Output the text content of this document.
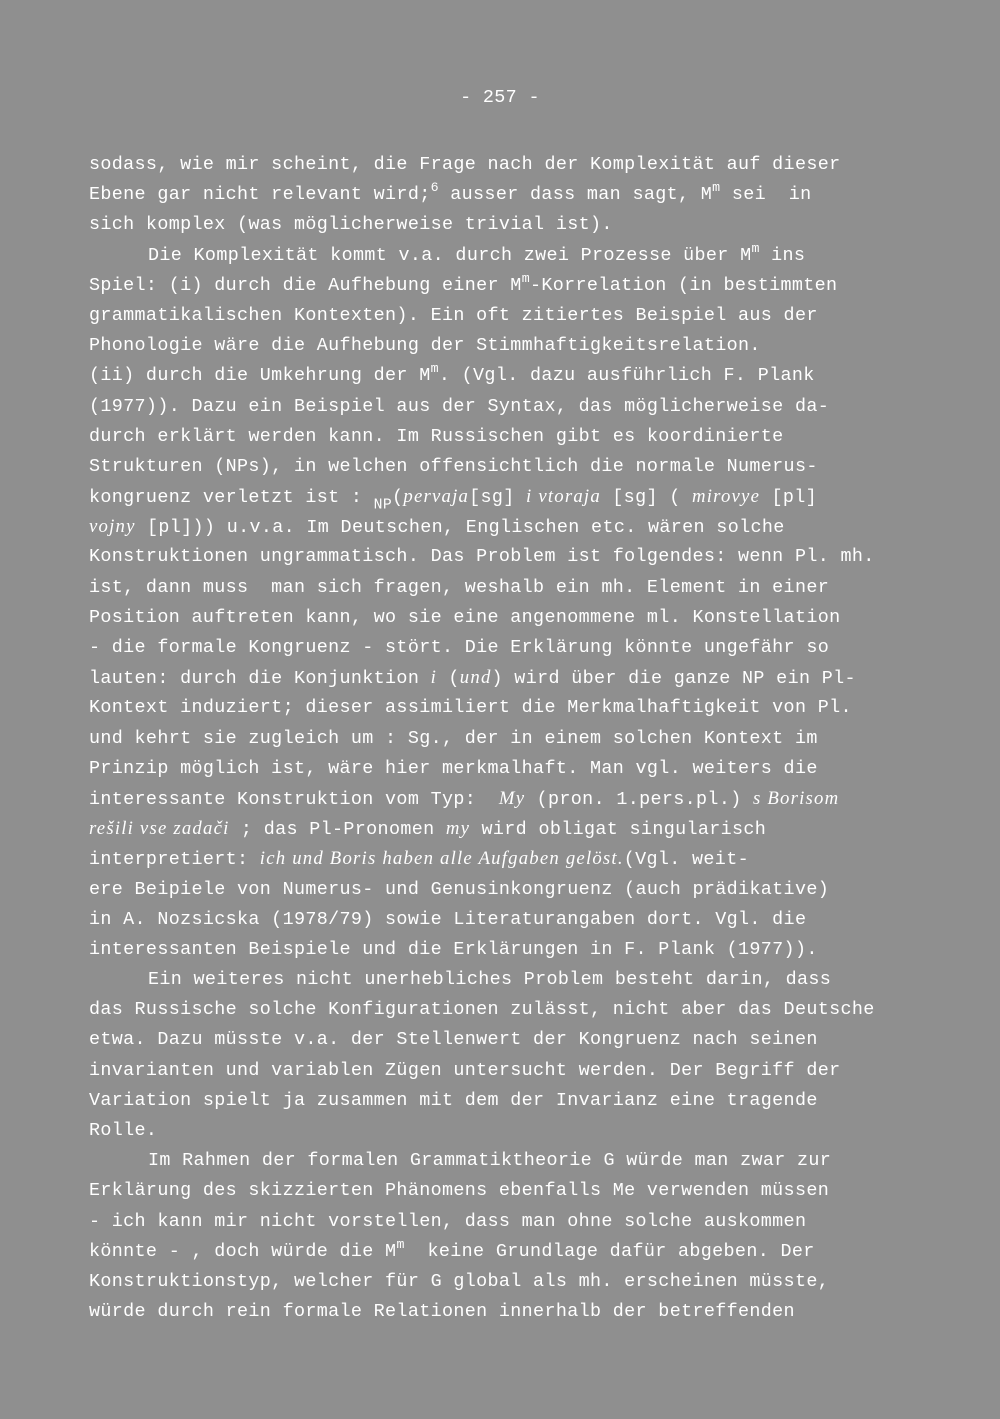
- 257 -
sodass, wie mir scheint, die Frage nach der Komplexität auf dieser
Ebene gar nicht relevant wird;$^6$ ausser dass man sagt, $M^m$ sei  in
sich komplex (was möglicherweise trivial ist).
Die Komplexität kommt v.a. durch zwei Prozesse über $M^m$ ins
Spiel: (i) durch die Aufhebung einer $M^m$-Korrelation (in bestimmten
grammatikalischen Kontexten). Ein oft zitiertes Beispiel aus der
Phonologie wäre die Aufhebung der Stimmhaftigkeitsrelation.
(ii) durch die Umkehrung der $M^m$. (Vgl. dazu ausführlich F. Plank
(1977)). Dazu ein Beispiel aus der Syntax, das möglicherweise da-
durch erklärt werden kann. Im Russischen gibt es koordinierte
Strukturen (NPs), in welchen offensichtlich die normale Numerus-
kongruenz verletzt ist : $_{NP}$(pervaja[sg] i vtoraja [sg] ( mirovye [pl]
vojny [pl])) u.v.a. Im Deutschen, Englischen etc. wären solche
Konstruktionen ungrammatisch. Das Problem ist folgendes: wenn Pl. mh.
ist, dann muss  man sich fragen, weshalb ein mh. Element in einer
Position auftreten kann, wo sie eine angenommene ml. Konstellation
- die formale Kongruenz - stört. Die Erklärung könnte ungefähr so
lauten: durch die Konjunktion i (und) wird über die ganze NP ein Pl-
Kontext induziert; dieser assimiliert die Merkmalhaftigkeit von Pl.
und kehrt sie zugleich um : Sg., der in einem solchen Kontext im
Prinzip möglich ist, wäre hier merkmalhaft. Man vgl. weiters die
interessante Konstruktion vom Typ:  My (pron. 1.pers.pl.) s Borisom
rešili vse zadači ; das Pl-Pronomen my wird obligat singularisch
interpretiert: ich und Boris haben alle Aufgaben gelöst.(Vgl. weit-
ere Beipiele von Numerus- und Genusinkongruenz (auch prädikative)
in A. Nozsicska (1978/79) sowie Literaturangaben dort. Vgl. die
interessanten Beispiele und die Erklärungen in F. Plank (1977)).
Ein weiteres nicht unerhebliches Problem besteht darin, dass
das Russische solche Konfigurationen zulässt, nicht aber das Deutsche
etwa. Dazu müsste v.a. der Stellenwert der Kongruenz nach seinen
invarianten und variablen Zügen untersucht werden. Der Begriff der
Variation spielt ja zusammen mit dem der Invarianz eine tragende
Rolle.
Im Rahmen der formalen Grammatiktheorie G würde man zwar zur
Erklärung des skizzierten Phänomens ebenfalls Me verwenden müssen
- ich kann mir nicht vorstellen, dass man ohne solche auskommen
könnte - , doch würde die $M^m$  keine Grundlage dafür abgeben. Der
Konstruktionstyp, welcher für G global als mh. erscheinen müsste,
würde durch rein formale Relationen innerhalb der betreffenden
